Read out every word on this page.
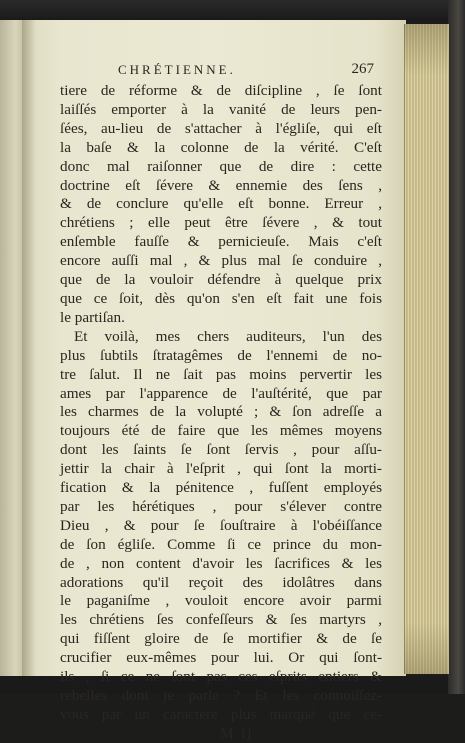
CHRÉTIENNE.	267
tiere de réforme & de diſcipline , ſe ſont
laiſſés emporter à la vanité de leurs pen-
ſées, au-lieu de s'attacher à l'égliſe, qui eſt
la baſe & la colonne de la vérité. C'eſt
donc mal raiſonner que de dire : cette
doctrine eſt ſévere & ennemie des ſens ,
& de conclure qu'elle eſt bonne. Erreur ,
chrétiens ; elle peut être ſévere , & tout
enſemble fauſſe & pernicieuſe. Mais c'eſt
encore auſſi mal , & plus mal ſe conduire ,
que de la vouloir défendre à quelque prix
que ce ſoit, dès qu'on s'en eſt fait une fois
le partiſan.
Et voilà, mes chers auditeurs, l'un des
plus ſubtils ſtratagêmes de l'ennemi de no-
tre ſalut. Il ne ſait pas moins pervertir les
ames par l'apparence de l'auſtérité, que par
les charmes de la volupté ; & ſon adreſſe a
toujours été de faire que les mêmes moyens
dont les ſaints ſe ſont ſervis , pour aſſu-
jettir la chair à l'eſprit , qui ſont la morti-
fication & la pénitence , fuſſent employés
par les hérétiques , pour s'élever contre
Dieu , & pour ſe ſouſtraire à l'obéiſſance
de ſon égliſe. Comme ſi ce prince du mon-
de , non content d'avoir les ſacrifices & les
adorations qu'il reçoit des idolâtres dans
le paganiſme , vouloit encore avoir parmi
les chrétiens ſes confeſſeurs & ſes martyrs ,
qui fiſſent gloire de ſe mortifier & de ſe
crucifier eux-mêmes pour lui. Or qui ſont-
ils , ſi ce ne ſont pas ces eſprits entiers &
rebelles dont je parle ? Et les connoiſſez-
vous par un caractere plus marqué que ce-
M ij
